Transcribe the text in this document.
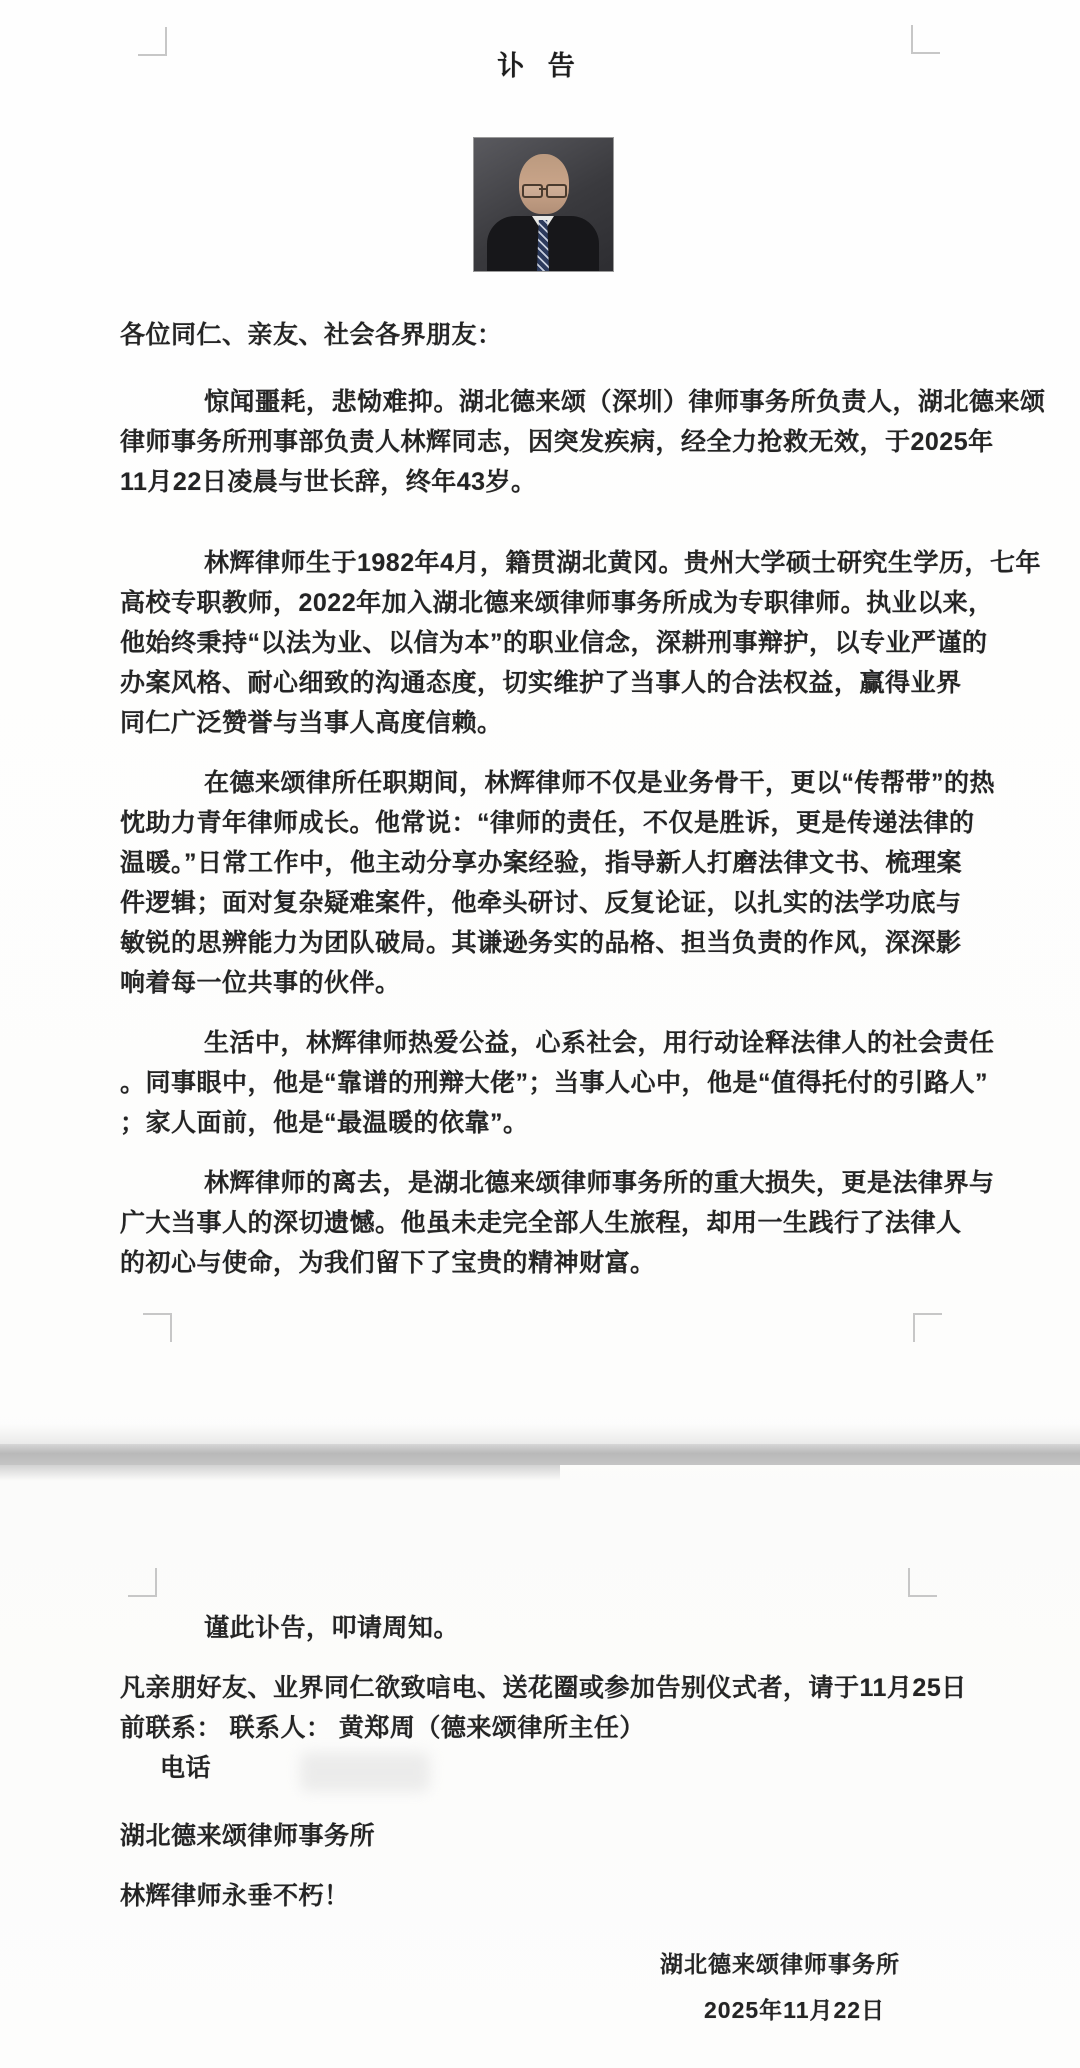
讣 告
各位同仁、亲友、社会各界朋友：
惊闻噩耗，悲恸难抑。湖北德来颂（深圳）律师事务所负责人，湖北德来颂
律师事务所刑事部负责人林辉同志，因突发疾病，经全力抢救无效，于2025年
11月22日凌晨与世长辞，终年43岁。
林辉律师生于1982年4月，籍贯湖北黄冈。贵州大学硕士研究生学历，七年
高校专职教师，2022年加入湖北德来颂律师事务所成为专职律师。执业以来，
他始终秉持“以法为业、以信为本”的职业信念，深耕刑事辩护，以专业严谨的
办案风格、耐心细致的沟通态度，切实维护了当事人的合法权益，赢得业界
同仁广泛赞誉与当事人高度信赖。
在德来颂律所任职期间，林辉律师不仅是业务骨干，更以“传帮带”的热
忱助力青年律师成长。他常说：“律师的责任，不仅是胜诉，更是传递法律的
温暖。”日常工作中，他主动分享办案经验，指导新人打磨法律文书、梳理案
件逻辑；面对复杂疑难案件，他牵头研讨、反复论证，以扎实的法学功底与
敏锐的思辨能力为团队破局。其谦逊务实的品格、担当负责的作风，深深影
响着每一位共事的伙伴。
生活中，林辉律师热爱公益，心系社会，用行动诠释法律人的社会责任
。同事眼中，他是“靠谱的刑辩大佬”；当事人心中，他是“值得托付的引路人”
；家人面前，他是“最温暖的依靠”。
林辉律师的离去，是湖北德来颂律师事务所的重大损失，更是法律界与
广大当事人的深切遗憾。他虽未走完全部人生旅程，却用一生践行了法律人
的初心与使命，为我们留下了宝贵的精神财富。
谨此讣告，叩请周知。
凡亲朋好友、业界同仁欲致唁电、送花圈或参加告别仪式者，请于11月25日
前联系： 联系人： 黄郑周（德来颂律所主任）
电话
湖北德来颂律师事务所
林辉律师永垂不朽！
湖北德来颂律师事务所
2025年11月22日
